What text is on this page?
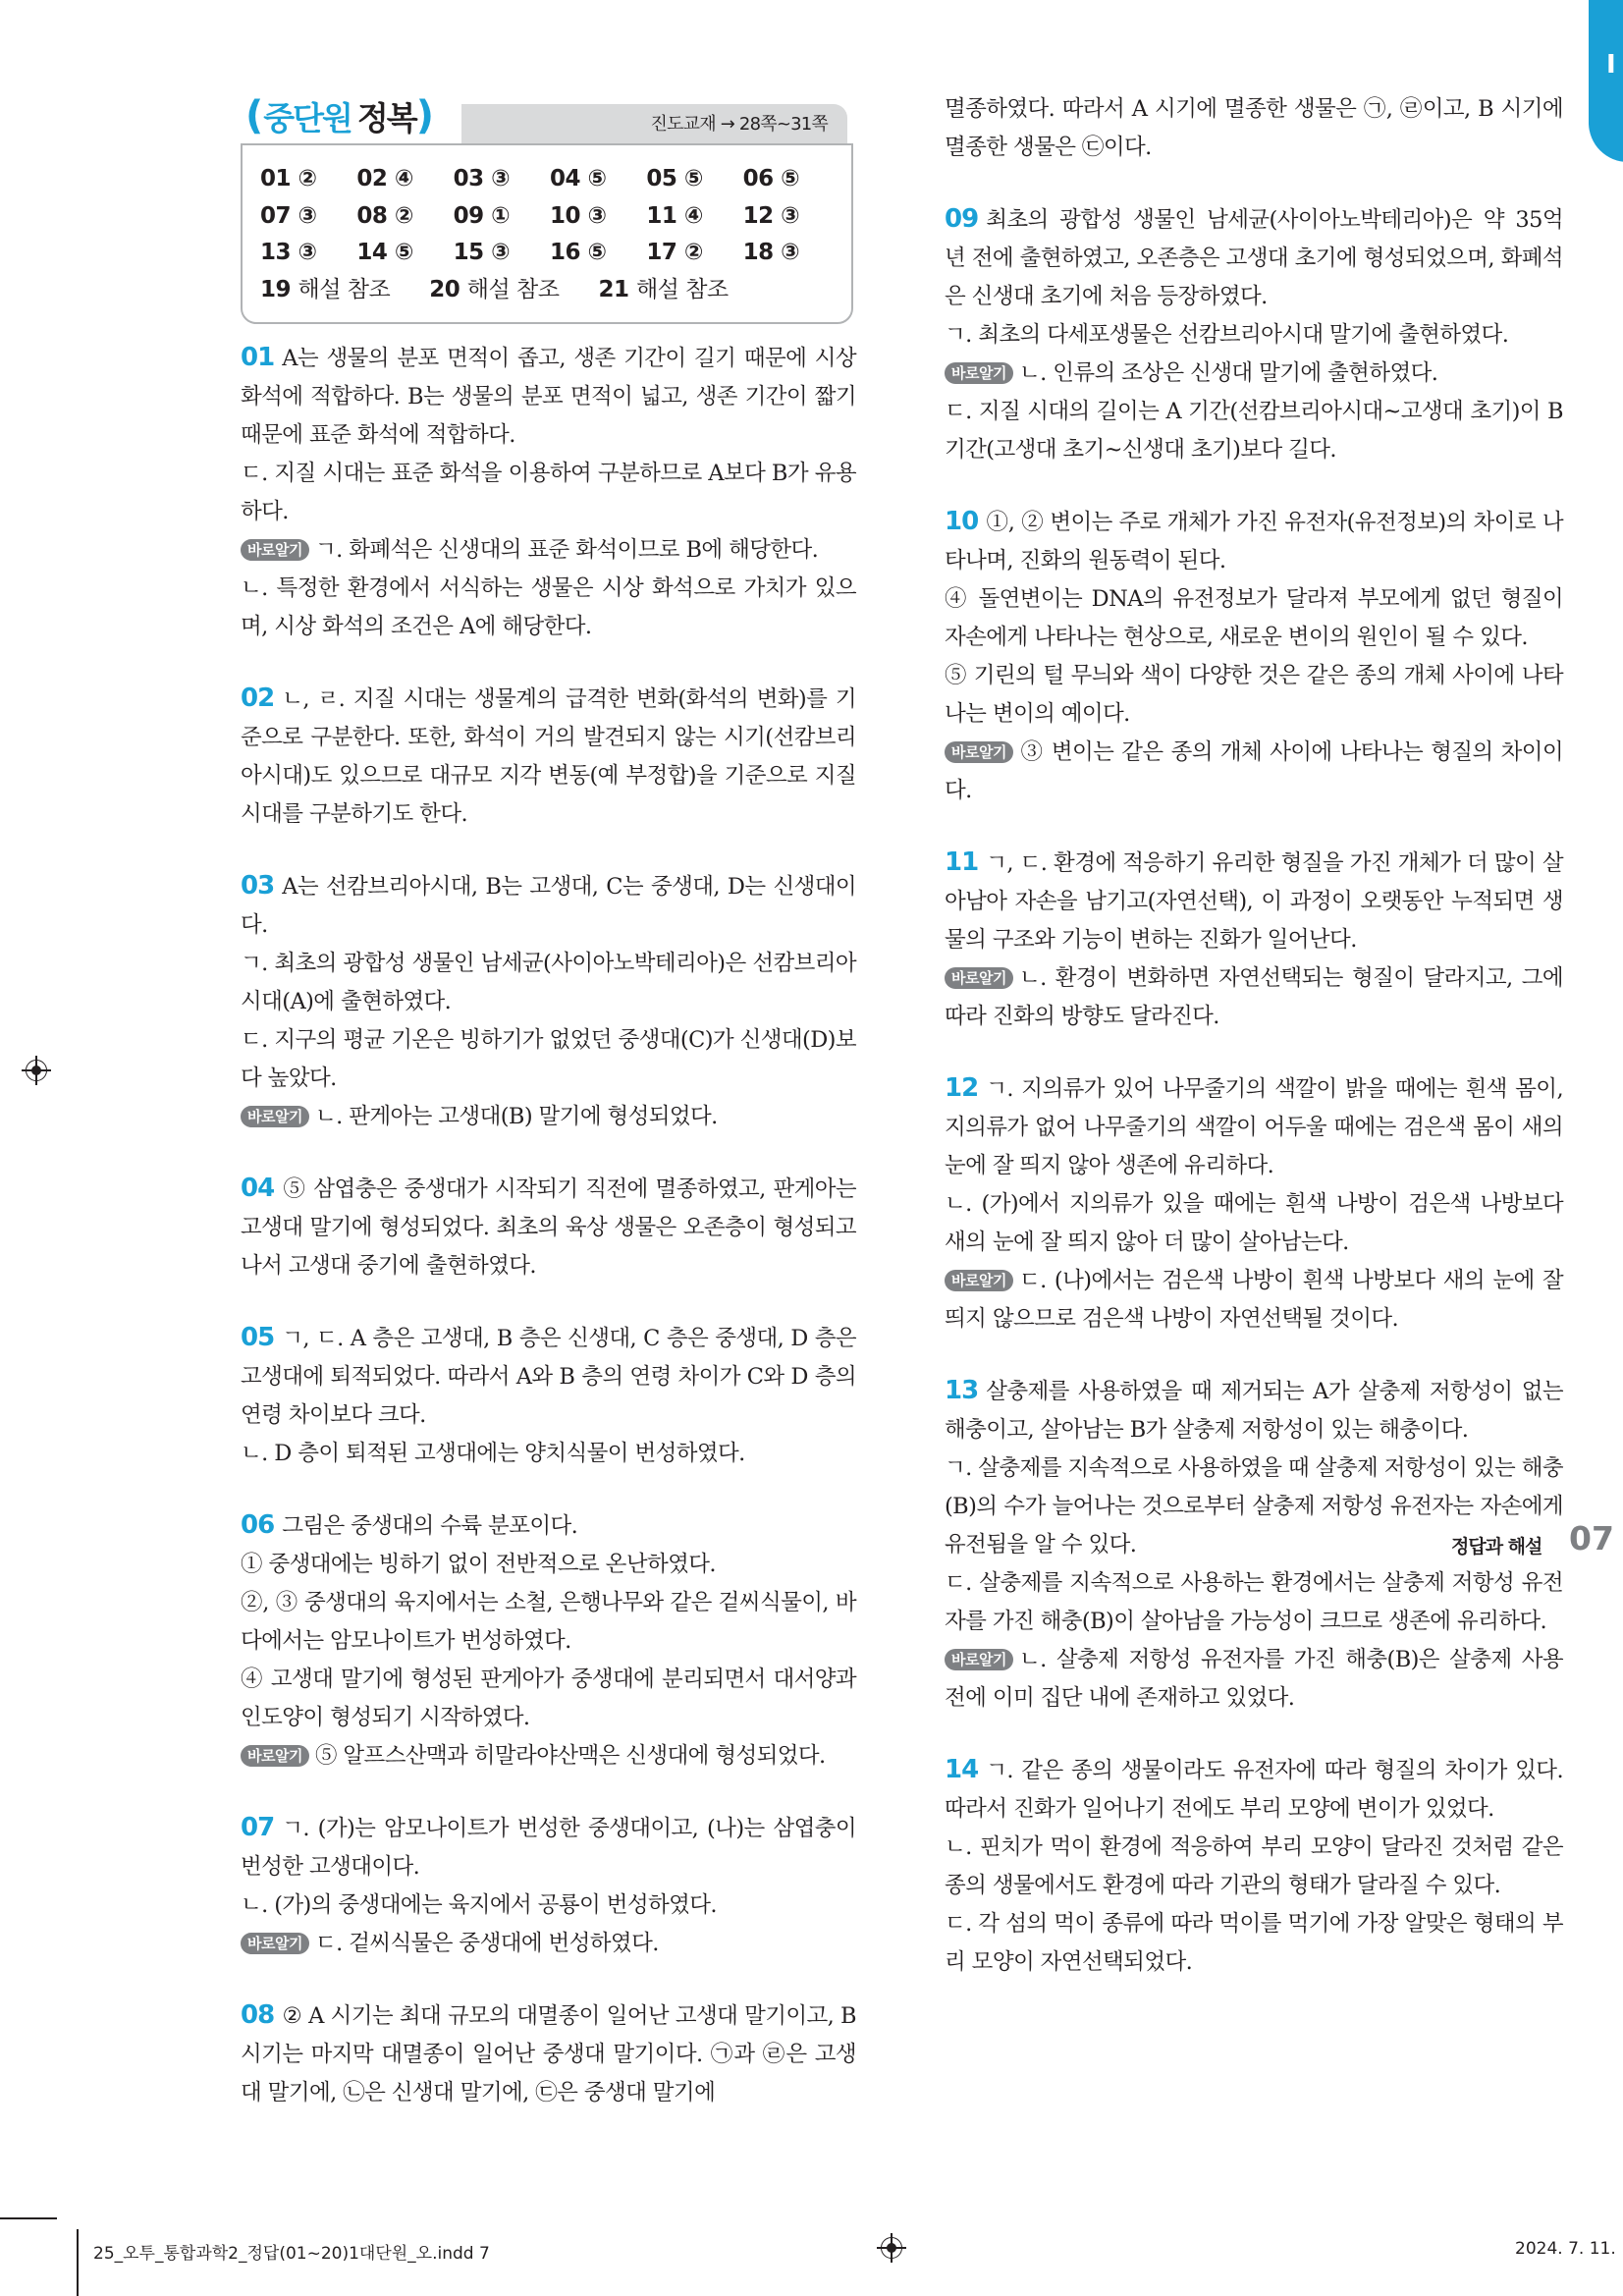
I
( 중단원 정복 )	진도교재 → 28쪽~31쪽
01 ②	02 ④	03 ③	04 ⑤	05 ⑤	06 ⑤
07 ③	08 ②	09 ①	10 ③	11 ④	12 ③
13 ③	14 ⑤	15 ③	16 ⑤	17 ②	18 ③
19 해설 참조 20 해설 참조 21 해설 참조

01 A는 생물의 분포 면적이 좁고, 생존 기간이 길기 때문에 시상 화석에 적합하다. B는 생물의 분포 면적이 넓고, 생존 기간이 짧기 때문에 표준 화석에 적합하다.

ㄷ. 지질 시대는 표준 화석을 이용하여 구분하므로 A보다 B가 유용하다.

바로알기 ㄱ. 화폐석은 신생대의 표준 화석이므로 B에 해당한다.

ㄴ. 특정한 환경에서 서식하는 생물은 시상 화석으로 가치가 있으며, 시상 화석의 조건은 A에 해당한다.

02 ㄴ, ㄹ. 지질 시대는 생물계의 급격한 변화(화석의 변화)를 기준으로 구분한다. 또한, 화석이 거의 발견되지 않는 시기(선캄브리아시대)도 있으므로 대규모 지각 변동(예 부정합)을 기준으로 지질 시대를 구분하기도 한다.

03 A는 선캄브리아시대, B는 고생대, C는 중생대, D는 신생대이다.

ㄱ. 최초의 광합성 생물인 남세균(사이아노박테리아)은 선캄브리아시대(A)에 출현하였다.

ㄷ. 지구의 평균 기온은 빙하기가 없었던 중생대(C)가 신생대(D)보다 높았다.

바로알기 ㄴ. 판게아는 고생대(B) 말기에 형성되었다.

04 ⑤ 삼엽충은 중생대가 시작되기 직전에 멸종하였고, 판게아는 고생대 말기에 형성되었다. 최초의 육상 생물은 오존층이 형성되고 나서 고생대 중기에 출현하였다.

05 ㄱ, ㄷ. A 층은 고생대, B 층은 신생대, C 층은 중생대, D 층은 고생대에 퇴적되었다. 따라서 A와 B 층의 연령 차이가 C와 D 층의 연령 차이보다 크다.

ㄴ. D 층이 퇴적된 고생대에는 양치식물이 번성하였다.

06 그림은 중생대의 수륙 분포이다.

① 중생대에는 빙하기 없이 전반적으로 온난하였다.

②, ③ 중생대의 육지에서는 소철, 은행나무와 같은 겉씨식물이, 바다에서는 암모나이트가 번성하였다.

④ 고생대 말기에 형성된 판게아가 중생대에 분리되면서 대서양과 인도양이 형성되기 시작하였다.

바로알기 ⑤ 알프스산맥과 히말라야산맥은 신생대에 형성되었다.

07 ㄱ. (가)는 암모나이트가 번성한 중생대이고, (나)는 삼엽충이 번성한 고생대이다.

ㄴ. (가)의 중생대에는 육지에서 공룡이 번성하였다.

바로알기 ㄷ. 겉씨식물은 중생대에 번성하였다.

08 ② A 시기는 최대 규모의 대멸종이 일어난 고생대 말기이고, B 시기는 마지막 대멸종이 일어난 중생대 말기이다. ㉠과 ㉣은 고생대 말기에, ㉡은 신생대 말기에, ㉢은 중생대 말기에

멸종하였다. 따라서 A 시기에 멸종한 생물은 ㉠, ㉣이고, B 시기에 멸종한 생물은 ㉢이다.

09 최초의 광합성 생물인 남세균(사이아노박테리아)은 약 35억 년 전에 출현하였고, 오존층은 고생대 초기에 형성되었으며, 화폐석은 신생대 초기에 처음 등장하였다.

ㄱ. 최초의 다세포생물은 선캄브리아시대 말기에 출현하였다.

바로알기 ㄴ. 인류의 조상은 신생대 말기에 출현하였다.

ㄷ. 지질 시대의 길이는 A 기간(선캄브리아시대~고생대 초기)이 B 기간(고생대 초기~신생대 초기)보다 길다.

10 ①, ② 변이는 주로 개체가 가진 유전자(유전정보)의 차이로 나타나며, 진화의 원동력이 된다.

④ 돌연변이는 DNA의 유전정보가 달라져 부모에게 없던 형질이 자손에게 나타나는 현상으로, 새로운 변이의 원인이 될 수 있다.

⑤ 기린의 털 무늬와 색이 다양한 것은 같은 종의 개체 사이에 나타나는 변이의 예이다.

바로알기 ③ 변이는 같은 종의 개체 사이에 나타나는 형질의 차이이다.

11 ㄱ, ㄷ. 환경에 적응하기 유리한 형질을 가진 개체가 더 많이 살아남아 자손을 남기고(자연선택), 이 과정이 오랫동안 누적되면 생물의 구조와 기능이 변하는 진화가 일어난다.

바로알기 ㄴ. 환경이 변화하면 자연선택되는 형질이 달라지고, 그에 따라 진화의 방향도 달라진다.

12 ㄱ. 지의류가 있어 나무줄기의 색깔이 밝을 때에는 흰색 몸이, 지의류가 없어 나무줄기의 색깔이 어두울 때에는 검은색 몸이 새의 눈에 잘 띄지 않아 생존에 유리하다.

ㄴ. (가)에서 지의류가 있을 때에는 흰색 나방이 검은색 나방보다 새의 눈에 잘 띄지 않아 더 많이 살아남는다.

바로알기 ㄷ. (나)에서는 검은색 나방이 흰색 나방보다 새의 눈에 잘 띄지 않으므로 검은색 나방이 자연선택될 것이다.

13 살충제를 사용하였을 때 제거되는 A가 살충제 저항성이 없는 해충이고, 살아남는 B가 살충제 저항성이 있는 해충이다.

ㄱ. 살충제를 지속적으로 사용하였을 때 살충제 저항성이 있는 해충(B)의 수가 늘어나는 것으로부터 살충제 저항성 유전자는 자손에게 유전됨을 알 수 있다.

ㄷ. 살충제를 지속적으로 사용하는 환경에서는 살충제 저항성 유전자를 가진 해충(B)이 살아남을 가능성이 크므로 생존에 유리하다.

바로알기 ㄴ. 살충제 저항성 유전자를 가진 해충(B)은 살충제 사용 전에 이미 집단 내에 존재하고 있었다.

14 ㄱ. 같은 종의 생물이라도 유전자에 따라 형질의 차이가 있다. 따라서 진화가 일어나기 전에도 부리 모양에 변이가 있었다.

ㄴ. 핀치가 먹이 환경에 적응하여 부리 모양이 달라진 것처럼 같은 종의 생물에서도 환경에 따라 기관의 형태가 달라질 수 있다.

ㄷ. 각 섬의 먹이 종류에 따라 먹이를 먹기에 가장 알맞은 형태의 부리 모양이 자연선택되었다.

정답과 해설 07
25_오투_통합과학2_정답(01~20)1대단원_오.indd 7	2024. 7. 11.
